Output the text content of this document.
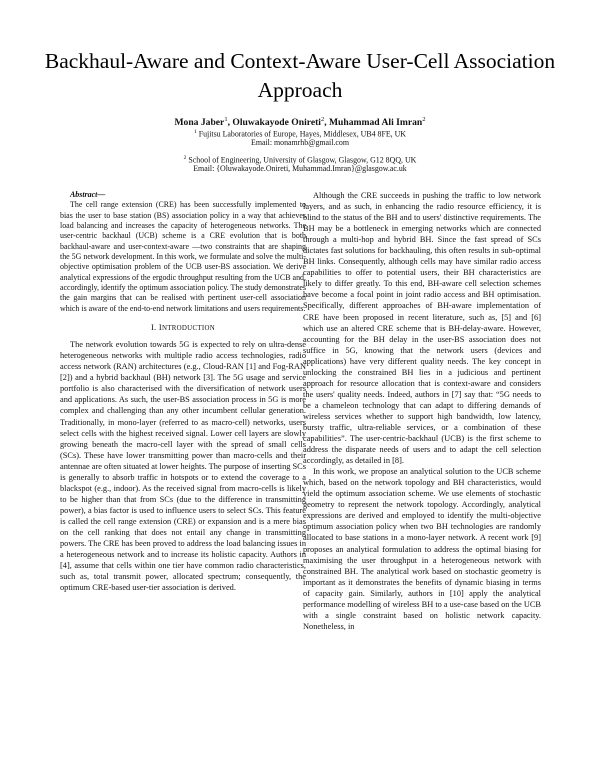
Backhaul-Aware and Context-Aware User-Cell Association Approach
Mona Jaber$^1$, Oluwakayode Onireti$^2$, Muhammad Ali Imran$^2$
$^1$ Fujitsu Laboratories of Europe, Hayes, Middlesex, UB4 8FE, UK
Email: monamrhb@gmail.com
$^2$ School of Engineering, University of Glasgow, Glasgow, G12 8QQ, UK
Email: {Oluwakayode.Onireti, Muhammad.Imran}@glasgow.ac.uk

Abstract—

The cell range extension (CRE) has been successfully implemented to bias the user to base station (BS) association policy in a way that achieves load balancing and increases the capacity of heterogeneous networks. The user-centric backhaul (UCB) scheme is a CRE evolution that is both backhaul-aware and user-context-aware —two constraints that are shaping the 5G network development. In this work, we formulate and solve the multi-objective optimisation problem of the UCB user-BS association. We derive analytical expressions of the ergodic throughput resulting from the UCB and, accordingly, identify the optimum association policy. The study demonstrates the gain margins that can be realised with pertinent user-cell association which is aware of the end-to-end network limitations and users requirements.

I. INTRODUCTION

The network evolution towards 5G is expected to rely on ultra-dense heterogeneous networks with multiple radio access technologies, radio access network (RAN) architectures (e.g., Cloud-RAN [1] and Fog-RAN [2]) and a hybrid backhaul (BH) network [3]. The 5G usage and service portfolio is also characterised with the diversification of network users and applications. As such, the user-BS association process in 5G is more complex and challenging than any other incumbent cellular generation. Traditionally, in mono-layer (referred to as macro-cell) networks, users select cells with the highest received signal. Lower cell layers are slowly growing beneath the macro-cell layer with the spread of small cells (SCs). These have lower transmitting power than macro-cells and their antennae are often situated at lower heights. The purpose of inserting SCs is generally to absorb traffic in hotspots or to extend the coverage to a blackspot (e.g., indoor). As the received signal from macro-cells is likely to be higher than that from SCs (due to the difference in transmitting power), a bias factor is used to influence users to select SCs. This feature is called the cell range extension (CRE) or expansion and is a mere bias on the cell ranking that does not entail any change in transmitting powers. The CRE has been proved to address the load balancing issues in a heterogeneous network and to increase its holistic capacity. Authors in [4], assume that cells within one tier have common radio characteristics, such as, total transmit power, allocated spectrum; consequently, the optimum CRE-based user-tier association is derived.

Although the CRE succeeds in pushing the traffic to low network layers, and as such, in enhancing the radio resource efficiency, it is blind to the status of the BH and to users' distinctive requirements. The BH may be a bottleneck in emerging networks which are connected through a multi-hop and hybrid BH. Since the fast spread of SCs dictates fast solutions for backhauling, this often results in sub-optimal BH links. Consequently, although cells may have similar radio access capabilities to offer to potential users, their BH characteristics are likely to differ greatly. To this end, BH-aware cell selection schemes have become a focal point in joint radio access and BH optimisation. Specifically, different approaches of BH-aware implementation of CRE have been proposed in recent literature, such as, [5] and [6] which use an altered CRE scheme that is BH-delay-aware. However, accounting for the BH delay in the user-BS association does not suffice in 5G, knowing that the network users (devices and applications) have very different quality needs. The key concept in unlocking the constrained BH lies in a judicious and pertinent approach for resource allocation that is context-aware and considers the users' quality needs. Indeed, authors in [7] say that: “5G needs to be a chameleon technology that can adapt to differing demands of wireless services whether to support high bandwidth, low latency, bursty traffic, ultra-reliable services, or a combination of these capabilities”. The user-centric-backhaul (UCB) is the first scheme to address the disparate needs of users and to adapt the cell selection accordingly, as detailed in [8].

In this work, we propose an analytical solution to the UCB scheme which, based on the network topology and BH characteristics, would yield the optimum association scheme. We use elements of stochastic geometry to represent the network topology. Accordingly, analytical expressions are derived and employed to identify the multi-objective optimum association policy when two BH technologies are randomly allocated to base stations in a mono-layer network. A recent work [9] proposes an analytical formulation to address the optimal biasing for maximising the user throughput in a heterogeneous network with constrained BH. The analytical work based on stochastic geometry is important as it demonstrates the benefits of dynamic biasing in terms of capacity gain. Similarly, authors in [10] apply the analytical performance modelling of wireless BH to a use-case based on the UCB with a single constraint based on holistic network capacity. Nonetheless, in
